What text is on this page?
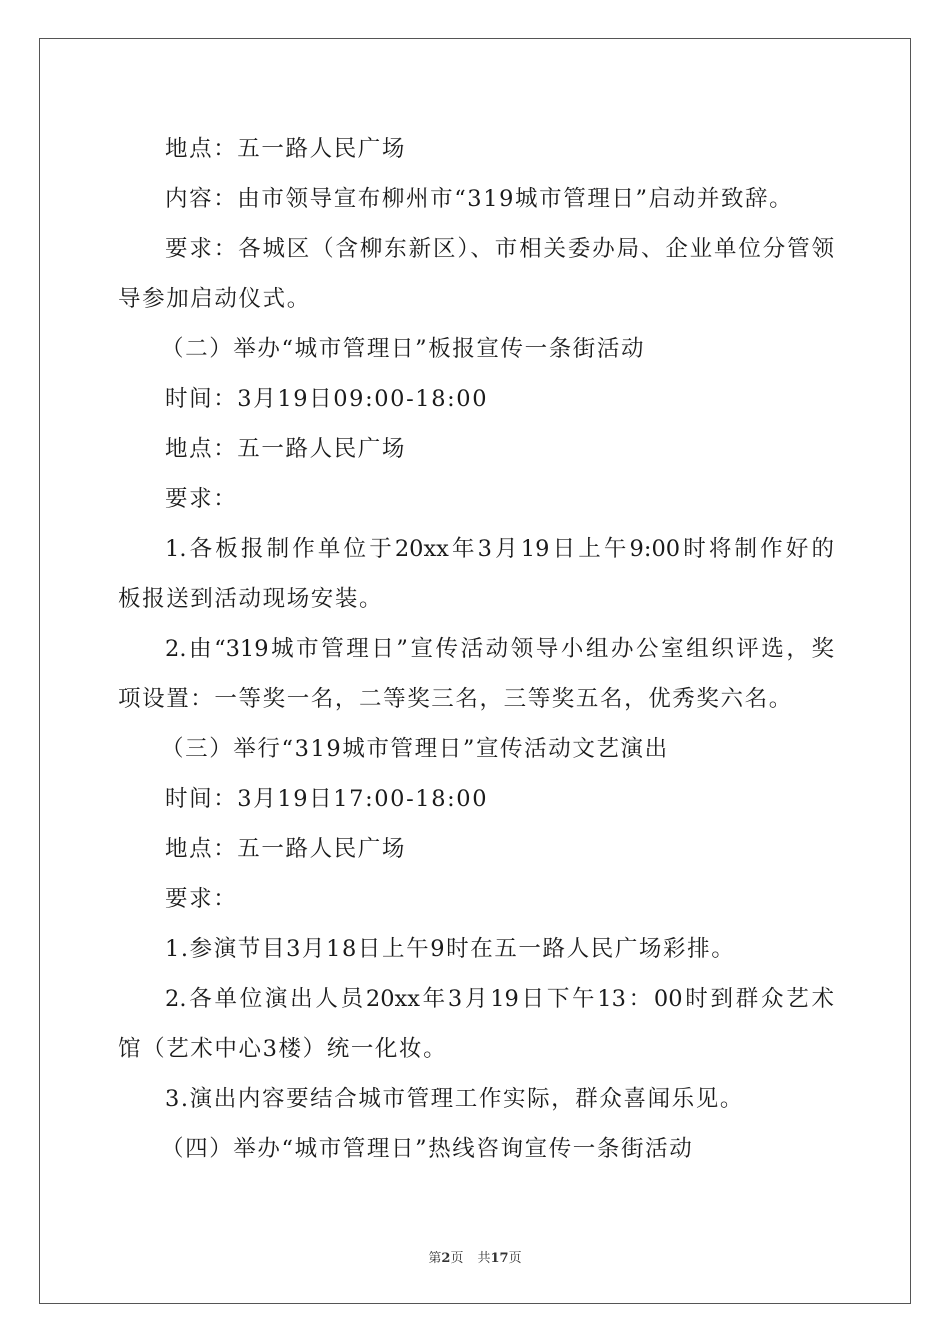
地点：五一路人民广场

内容：由市领导宣布柳州市“319城市管理日”启动并致辞。

要求：各城区（含柳东新区）、市相关委办局、企业单位分管领

导参加启动仪式。

（二）举办“城市管理日”板报宣传一条街活动

时间：3月19日09:00-18:00

地点：五一路人民广场

要求：

1.各板报制作单位于20xx年3月19日上午9:00时将制作好的

板报送到活动现场安装。

2.由“319城市管理日”宣传活动领导小组办公室组织评选，奖

项设置：一等奖一名，二等奖三名，三等奖五名，优秀奖六名。

（三）举行“319城市管理日”宣传活动文艺演出

时间：3月19日17:00-18:00

地点：五一路人民广场

要求：

1.参演节目3月18日上午9时在五一路人民广场彩排。

2.各单位演出人员20xx年3月19日下午13：00时到群众艺术

馆（艺术中心3楼）统一化妆。

3.演出内容要结合城市管理工作实际，群众喜闻乐见。

（四）举办“城市管理日”热线咨询宣传一条街活动

第2页 共17页
